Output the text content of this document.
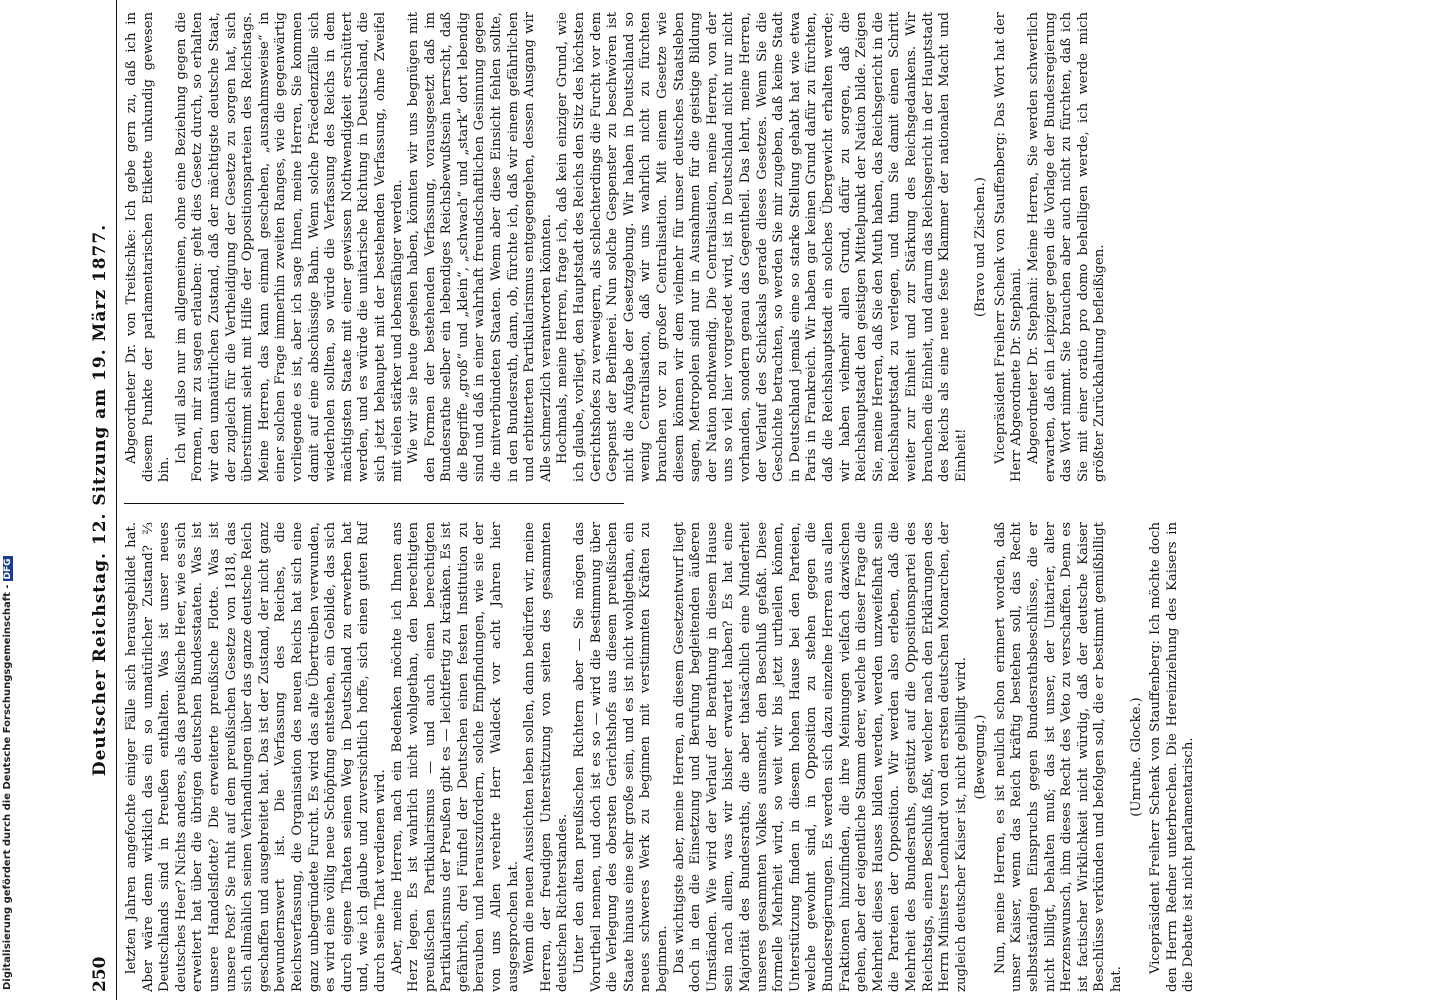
Digitalisierung gefördert durch die Deutsche Forschungsgemeinschaft -DFG
250
Deutscher Reichstag. 12. Sitzung am 19. März 1877. letzten Jahren angefochte einiger Fälle sich herausgebildet hat. Aber wäre denn wirklich das ein so unnatürlicher Zustand? ⅔ Deutschlands sind in Preußen enthalten. Was ist unser neues deutsches Heer? Nichts anderes, als das preußische Heer, wie es sich erweitert hat über die übrigen deutschen Bundesstaaten. Was ist unsere Handelsflotte? Die erweiterte preußische Flotte. Was ist unsere Post? Sie ruht auf dem preußischen Gesetze von 1818, das sich allmählich seinen Verhandlungen über das ganze deutsche Reich geschaffen und ausgebreitet hat. Das ist der Zustand, der nicht ganz bewundernswert ist. Die Verfassung des Reiches, die Reichsverfassung, die Organisation des neuen Reichs hat sich eine ganz unbegründete Furcht. Es wird das alte Übertreiben verwunden, es wird eine völlig neue Schöpfung entstehen, ein Gebilde, das sich durch eigene Thaten seinen Weg in Deutschland zu erwerben hat und, wie ich glaube und zuversichtlich hoffe, sich einen guten Ruf durch seine That verdienen wird. Aber, meine Herren, nach ein Bedenken möchte ich Ihnen ans Herz legen. Es ist wahrlich nicht wohlgethan, den berechtigten preußischen Partikularismus — und auch einen berechtigten Partikularismus der Preußen gibt es — leichtfertig zu kränken. Es ist gefährlich, drei Fünftel der Deutschen einen festen Institution zu berauben und herauszufordern, solche Empfindungen, wie sie der von uns Allen verehrte Herr Waldeck vor acht Jahren hier ausgesprochen hat. Wenn die neuen Aussichten leben sollen, dann bedürfen wir, meine Herren, der freudigen Unterstützung von seiten des gesammten deutschen Richterstandes. Unter den alten preußischen Richtern aber — Sie mögen das Vorurtheil nennen, und doch ist es so — wird die Bestimmung über die Verlegung des obersten Gerichtshofs aus diesem preußischen Staate hinaus eine sehr große sein, und es ist nicht wohlgethan, ein neues schweres Werk zu beginnen mit verstimmten Kräften zu beginnen. Das wichtigste aber, meine Herren, an diesem Gesetzentwurf liegt doch in den die Einsetzung und Berufung begleitenden äußeren Umständen. Wie wird der Verlauf der Berathung in diesem Hause sein nach allem, was wir bisher erwartet haben? Es hat eine Majorität des Bundesraths, die aber thatsächlich eine Minderheit unseres gesammten Volkes ausmacht, den Beschluß gefaßt. Diese formelle Mehrheit wird, so weit wir bis jetzt urtheilen können, Unterstützung finden in diesem hohen Hause bei den Parteien, welche gewohnt sind, in Opposition zu stehen gegen die Bundesregierungen. Es werden sich dazu einzelne Herren aus allen Fraktionen hinzufinden, die ihre Meinungen vielfach dazwischen gehen, aber der eigentliche Stamm derer, welche in dieser Frage die Mehrheit dieses Hauses bilden werden, werden unzweifelhaft sein die Parteien der Opposition. Wir werden also erleben, daß die Mehrheit des Bundesraths, gestützt auf die Oppositionspartei des Reichstags, einen Beschluß faßt, welcher nach den Erklärungen des Herrn Ministers Leonhardt von den ersten deutschen Monarchen, der zugleich deutscher Kaiser ist, nicht gebilligt wird. (Bewegung.) Nun, meine Herren, es ist neulich schon erinnert worden, daß unser Kaiser, wenn das Reich kräftig bestehen soll, das Recht selbstständigen Einspruchs gegen Bundesrathsbeschlüsse, die er nicht billigt, behalten muß; das ist unser, der Unitarier, alter Herzenswunsch, ihm dieses Recht des Veto zu verschaffen. Denn es ist factischer Wirklichkeit nicht würdig, daß der deutsche Kaiser Beschlüsse verkünden und befolgen soll, die er bestimmt gemißbilligt hat.

(Unruhe. Glocke.) Vicepräsident Freiherr Schenk von Stauffenberg: Ich möchte doch den Herrn Redner unterbrechen. Die Hereinziehung des Kaisers in die Debatte ist nicht parlamentarisch.

Abgeordneter Dr. von Treitschke: Ich gebe gern zu, daß ich in diesem Punkte der parlamentarischen Etikette unkundig gewesen bin.

Ich will also nur im allgemeinen, ohne eine Beziehung gegen die Formen, mir zu sagen erlauben: geht dies Gesetz durch, so erhalten wir den unnatürlichen Zustand, daß der mächtigste deutsche Staat, der zugleich für die Vertheidigung der Gesetze zu sorgen hat, sich überstimmt sieht mit Hilfe der Oppositionsparteien des Reichstags. Meine Herren, das kann einmal geschehen, „ausnahmsweise“ in einer solchen Frage immerhin zweiten Ranges, wie die gegenwärtig vorliegende es ist, aber ich sage Ihnen, meine Herren, Sie kommen damit auf eine abschüssige Bahn. Wenn solche Präcedenzfälle sich wiederholen sollten, so würde die Verfassung des Reichs in dem mächtigsten Staate mit einer gewissen Nothwendigkeit erschüttert werden, und es würde die unitarische Richtung in Deutschland, die sich jetzt behauptet mit der bestehenden Verfassung, ohne Zweifel mit vielen stärker und lebensfähiger werden. Wie wir sie heute gesehen haben, könnten wir uns begnügen mit den Formen der bestehenden Verfassung, vorausgesetzt daß im Bundesrathe selber ein lebendiges Reichsbewußtsein herrscht, daß die Begriffe „groß“ und „klein“, „schwach“ und „stark“ dort lebendig sind und daß in einer wahrhaft freundschaftlichen Gesinnung gegen die mitverbündeten Staaten. Wenn aber diese Einsicht fehlen sollte, in den Bundesrath, dann, ob, fürchte ich, daß wir einem gefährlichen und erbitterten Partikularismus entgegengehen, dessen Ausgang wir Alle schmerzlich verantworten könnten. Hochmals, meine Herren, frage ich, daß kein einziger Grund, wie ich glaube, vorliegt, den Hauptstadt des Reichs den Sitz des höchsten Gerichtshofes zu verweigern, als schlechterdings die Furcht vor dem Gespenst der Berlinerei. Nun solche Gespenster zu beschwören ist nicht die Aufgabe der Gesetzgebung. Wir haben in Deutschland so wenig Centralisation, daß wir uns wahrlich nicht zu fürchten brauchen vor zu großer Centralisation. Mit einem Gesetze wie diesem können wir dem vielmehr für unser deutsches Staatsleben sagen, Metropolen sind nur in Ausnahmen für die geistige Bildung der Nation nothwendig. Die Centralisation, meine Herren, von der uns so viel hier vorgeredet wird, ist in Deutschland nicht nur nicht vorhanden, sondern genau das Gegentheil. Das lehrt, meine Herren, der Verlauf des Schicksals gerade dieses Gesetzes. Wenn Sie die Geschichte betrachten, so werden Sie mir zugeben, daß keine Stadt in Deutschland jemals eine so starke Stellung gehabt hat wie etwa Paris in Frankreich. Wir haben gar keinen Grund dafür zu fürchten, daß die Reichshauptstadt ein solches Übergewicht erhalten werde; wir haben vielmehr allen Grund, dafür zu sorgen, daß die Reichshauptstadt den geistigen Mittelpunkt der Nation bilde. Zeigen Sie, meine Herren, daß Sie den Muth haben, das Reichsgericht in die Reichshauptstadt zu verlegen, und thun Sie damit einen Schritt weiter zur Einheit und zur Stärkung des Reichsgedankens. Wir brauchen die Einheit, und darum das Reichsgericht in der Hauptstadt des Reichs als eine neue feste Klammer der nationalen Macht und Einheit!

(Bravo und Zischen.) Vicepräsident Freiherr Schenk von Stauffenberg: Das Wort hat der Herr Abgeordnete Dr. Stephani. Abgeordneter Dr. Stephani: Meine Herren, Sie werden schwerlich erwarten, daß ein Leipziger gegen die Vorlage der Bundesregierung das Wort nimmt. Sie brauchen aber auch nicht zu fürchten, daß ich Sie mit einer oratio pro domo behelligen werde, ich werde mich größter Zurückhaltung befleißigen.
